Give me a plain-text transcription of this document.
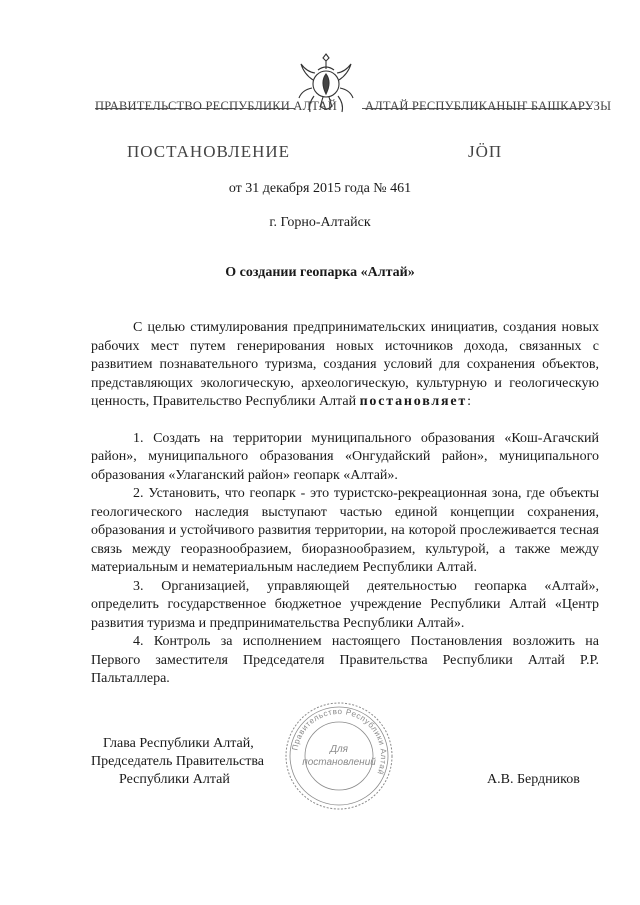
ПРАВИТЕЛЬСТВО РЕСПУБЛИКИ АЛТАЙ АЛТАЙ РЕСПУБЛИКАНЫҤ БАШКАРУЗЫ
ПОСТАНОВЛЕНИЕ	JӦП
от 31 декабря 2015 года № 461
г. Горно-Алтайск
О создании геопарка «Алтай»

С целью стимулирования предпринимательских инициатив, создания новых рабочих мест путем генерирования новых источников дохода, связанных с развитием познавательного туризма, создания условий для сохранения объектов, представляющих экологическую, археологическую, культурную и геологическую ценность, Правительство Республики Алтай постановляет:

1. Создать на территории муниципального образования «Кош-Агачский район», муниципального образования «Онгудайский район», муниципального образования «Улаганский район» геопарк «Алтай».

2. Установить, что геопарк - это туристско-рекреационная зона, где объекты геологического наследия выступают частью единой концепции сохранения, образования и устойчивого развития территории, на которой прослеживается тесная связь между георазнообразием, биоразнообразием, культурой, а также между материальным и нематериальным наследием Республики Алтай.

3. Организацией, управляющей деятельностью геопарка «Алтай», определить государственное бюджетное учреждение Республики Алтай «Центр развития туризма и предпринимательства Республики Алтай».

4. Контроль за исполнением настоящего Постановления возложить на Первого заместителя Председателя Правительства Республики Алтай Р.Р. Пальталлера.

Глава Республики Алтай,
Председатель Правительства
Республики Алтай	А.В. Бердников
Правительство Республики Алтай
Для
постановлений
